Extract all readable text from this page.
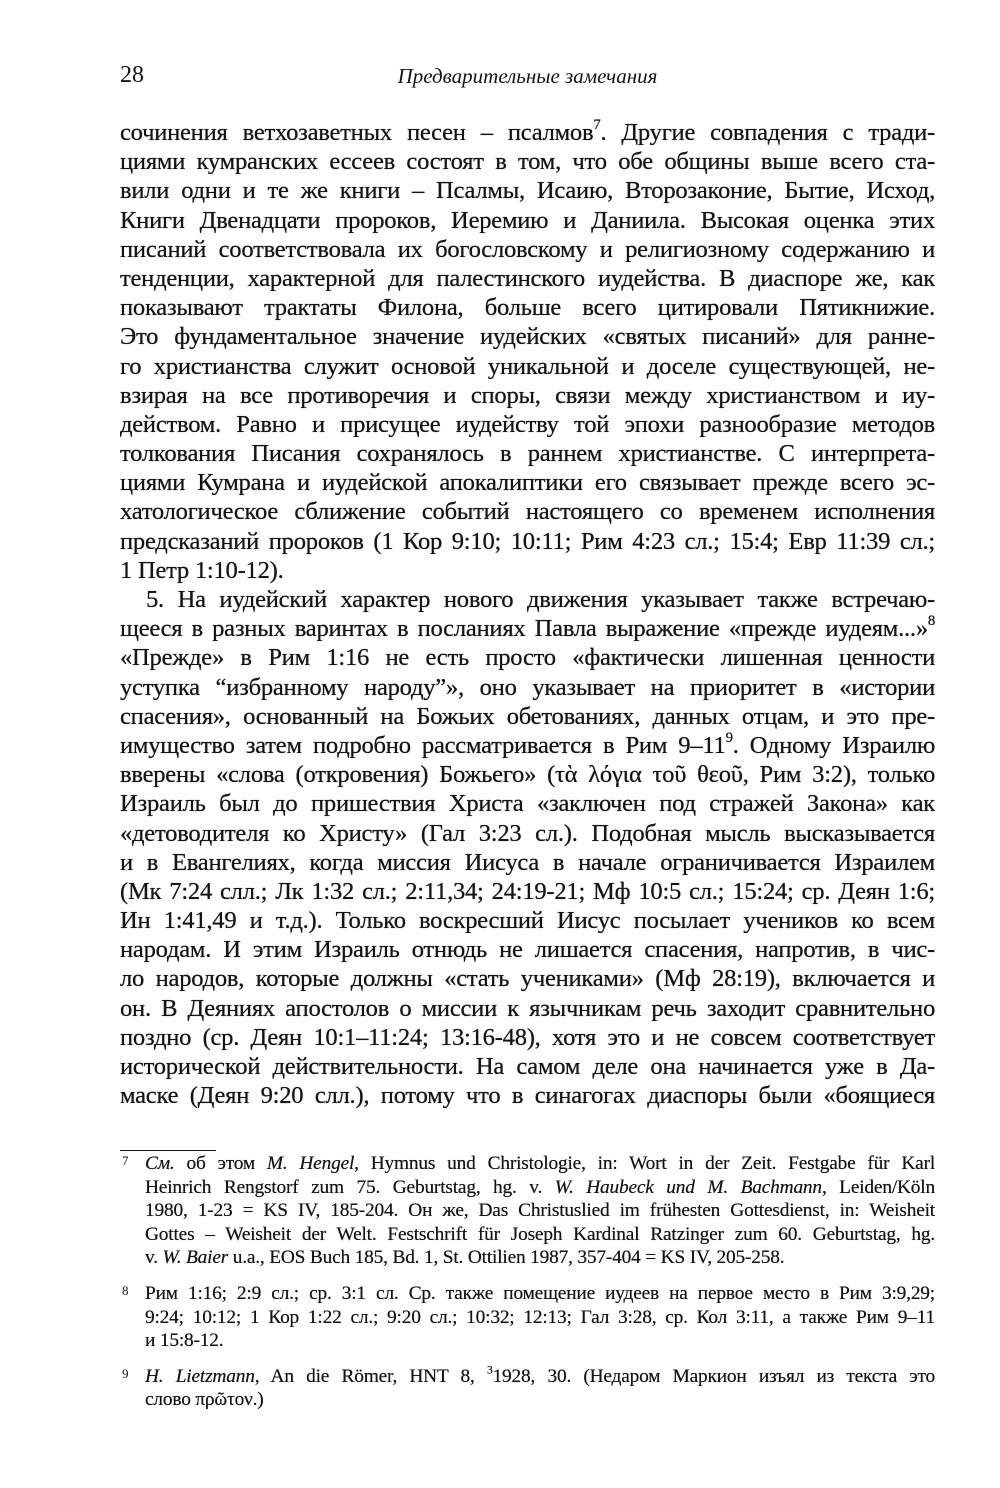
28	Предварительные замечания
сочинения ветхозаветных песен – псалмов$^7$. Другие совпадения с тради-
циями кумранских ессеев состоят в том, что обе общины выше всего ста-
вили одни и те же книги – Псалмы, Исаию, Второзаконие, Бытие, Исход,
Книги Двенадцати пророков, Иеремию и Даниила. Высокая оценка этих
писаний соответствовала их богословскому и религиозному содержанию и
тенденции, характерной для палестинского иудейства. В диаспоре же, как
показывают трактаты Филона, больше всего цитировали Пятикнижие.
Это фундаментальное значение иудейских «святых писаний» для ранне-
го христианства служит основой уникальной и доселе существующей, не-
взирая на все противоречия и споры, связи между христианством и иу-
действом. Равно и присущее иудейству той эпохи разнообразие методов
толкования Писания сохранялось в раннем христианстве. С интерпрета-
циями Кумрана и иудейской апокалиптики его связывает прежде всего эс-
хатологическое сближение событий настоящего со временем исполнения
предсказаний пророков (1 Кор 9:10; 10:11; Рим 4:23 сл.; 15:4; Евр 11:39 сл.;
1 Петр 1:10-12).
5. На иудейский характер нового движения указывает также встречаю-
щееся в разных варинтах в посланиях Павла выражение «прежде иудеям...»$^8$
«Прежде» в Рим 1:16 не есть просто «фактически лишенная ценности
уступка “избранному народу”», оно указывает на приоритет в «истории
спасения», основанный на Божьих обетованиях, данных отцам, и это пре-
имущество затем подробно рассматривается в Рим $9-11^9$. Одному Израилю
вверены «слова (откровения) Божьего» (τὰ λόγια τοῦ θεοῦ, Рим 3:2), только
Израиль был до пришествия Христа «заключен под стражей Закона» как
«детоводителя ко Христу» (Гал 3:23 сл.). Подобная мысль высказывается
и в Евангелиях, когда миссия Иисуса в начале ограничивается Израилем
(Мк 7:24 слл.; Лк 1:32 сл.; 2:11,34; 24:19-21; Мф 10:5 сл.; 15:24; ср. Деян 1:6;
Ин 1:41,49 и т.д.). Только воскресший Иисус посылает учеников ко всем
народам. И этим Израиль отнюдь не лишается спасения, напротив, в чис-
ло народов, которые должны «стать учениками» (Мф 28:19), включается и
он. В Деяниях апостолов о миссии к язычникам речь заходит сравнительно
поздно (ср. Деян 10:1–11:24; 13:16-48), хотя это и не совсем соответствует
исторической действительности. На самом деле она начинается уже в Да-
маске (Деян 9:20 слл.), потому что в синагогах диаспоры были «боящиеся
7 См. об этом M. Hengel, Hymnus und Christologie, in: Wort in der Zeit. Festgabe für Karl
Heinrich Rengstorf zum 75. Geburtstag, hg. v. W. Haubeck und M. Bachmann, Leiden/Köln
1980, 1-23 = KS IV, 185-204. Он же, Das Christuslied im frühesten Gottesdienst, in: Weisheit
Gottes – Weisheit der Welt. Festschrift für Joseph Kardinal Ratzinger zum 60. Geburtstag, hg.
v. W. Baier u.a., EOS Buch 185, Bd. 1, St. Ottilien 1987, 357-404 = KS IV, 205-258.
8 Рим 1:16; 2:9 сл.; ср. 3:1 сл. Ср. также помещение иудеев на первое место в Рим 3:9,29;
9:24; 10:12; 1 Кор 1:22 сл.; 9:20 сл.; 10:32; 12:13; Гал 3:28, ср. Кол 3:11, а также Рим 9–11
и 15:8-12.
9 H. Lietzmann, An die Römer, HNT 8, $^3$1928, 30. (Недаром Маркион изъял из текста это
слово πρῶτον.)
